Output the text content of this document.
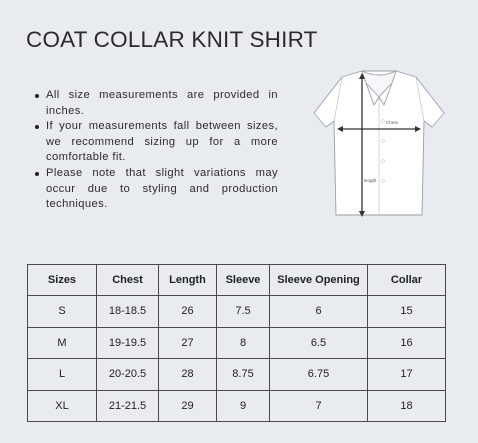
COAT COLLAR KNIT SHIRT
All size measurements are provided in inches.
If your measurements fall between sizes, we recommend sizing up for a more comfortable fit.
Please note that slight variations may occur due to styling and production techniques.
Chest
length
Sizes	Chest	Length	Sleeve	Sleeve Opening	Collar
S	18-18.5	26	7.5	6	15
M	19-19.5	27	8	6.5	16
L	20-20.5	28	8.75	6.75	17
XL	21-21.5	29	9	7	18
